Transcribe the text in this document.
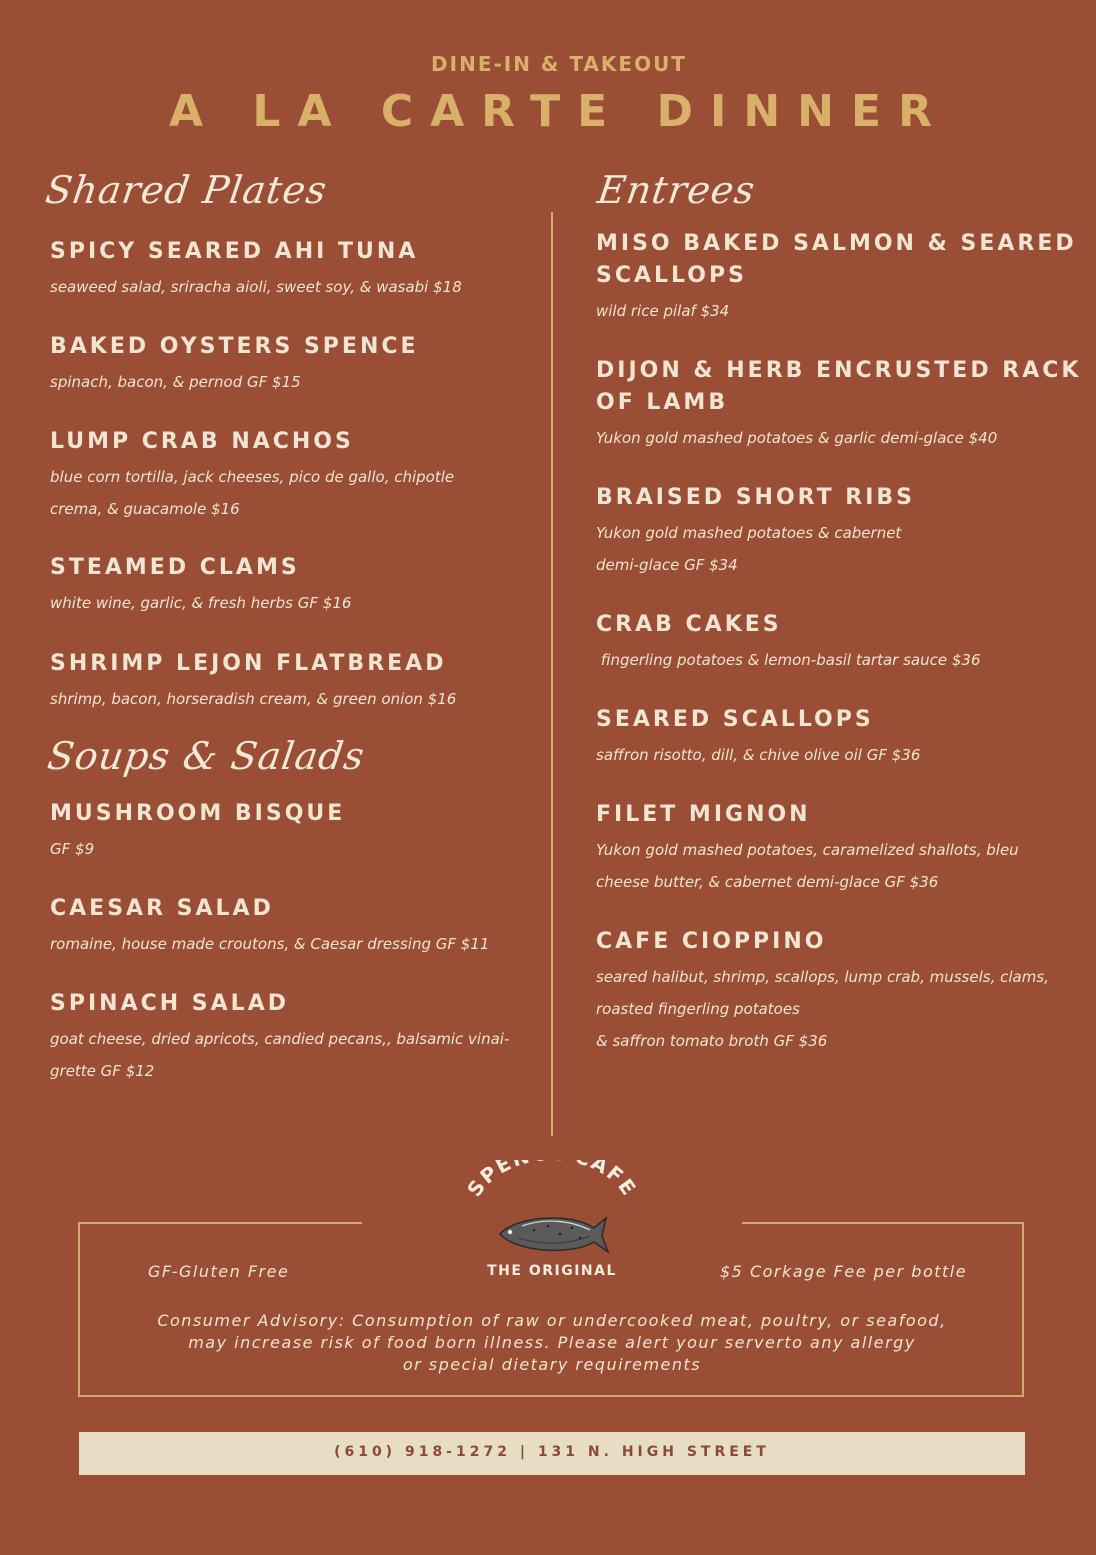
DINE-IN & TAKEOUT
A LA CARTE DINNER
Shared Plates
Soups & Salads
Entrees
SPICY SEARED AHI TUNA
seaweed salad, sriracha aioli, sweet soy, & wasabi $18
BAKED OYSTERS SPENCE
spinach, bacon, & pernod GF $15
LUMP CRAB NACHOS
blue corn tortilla, jack cheeses, pico de gallo, chipotle
crema, & guacamole $16
STEAMED CLAMS
white wine, garlic, & fresh herbs GF $16
SHRIMP LEJON FLATBREAD
shrimp, bacon, horseradish cream, & green onion $16
MUSHROOM BISQUE
GF $9
CAESAR SALAD
romaine, house made croutons, & Caesar dressing GF $11
SPINACH SALAD
goat cheese, dried apricots, candied pecans,, balsamic vinai-
grette GF $12
MISO BAKED SALMON & SEARED
SCALLOPS
wild rice pilaf $34
DIJON & HERB ENCRUSTED RACK
OF LAMB
Yukon gold mashed potatoes & garlic demi-glace $40
BRAISED SHORT RIBS
Yukon gold mashed potatoes & cabernet
demi-glace GF $34
CRAB CAKES
fingerling potatoes & lemon-basil tartar sauce $36
SEARED SCALLOPS
saffron risotto, dill, & chive olive oil GF $36
FILET MIGNON
Yukon gold mashed potatoes, caramelized shallots, bleu
cheese butter, & cabernet demi-glace GF $36
CAFE CIOPPINO
seared halibut, shrimp, scallops, lump crab, mussels, clams,
roasted fingerling potatoes
& saffron tomato broth GF $36
SPE AFE
THE ORIGINAL
GF-Gluten Free	$5 Corkage Fee per bottle
Consumer Advisory: Consumption of raw or undercooked meat, poultry, or seafood,
may increase risk of food born illness. Please alert your serverto any allergy
or special dietary requirements
(610) 918-1272 | 131 N. HIGH STREET
